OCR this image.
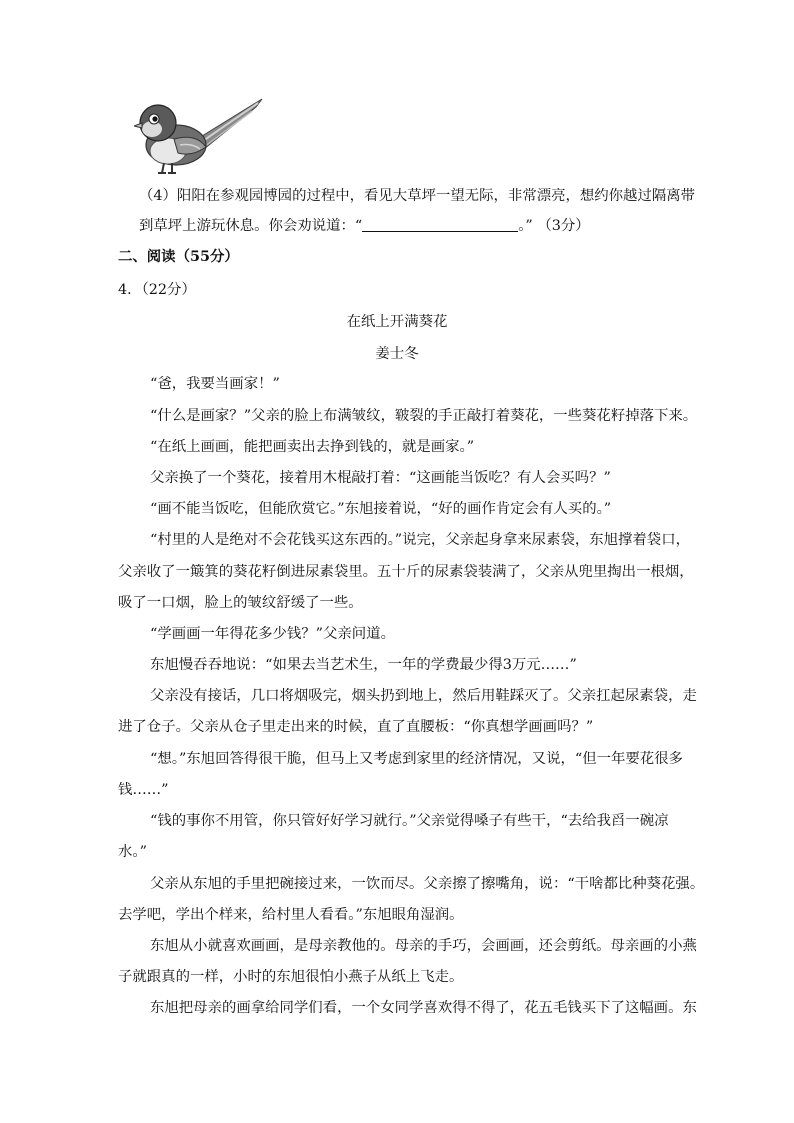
（4）阳阳在参观园博园的过程中，看见大草坪一望无际，非常漂亮，想约你越过隔离带
到草坪上游玩休息。你会劝说道：“	。” （3分）
二、阅读（55分）
4．（22分）
在纸上开满葵花
姜士冬
“爸，我要当画家！”
“什么是画家？”父亲的脸上布满皱纹，皲裂的手正敲打着葵花，一些葵花籽掉落下来。
“在纸上画画，能把画卖出去挣到钱的，就是画家。”
父亲换了一个葵花，接着用木棍敲打着：“这画能当饭吃？有人会买吗？”
“画不能当饭吃，但能欣赏它。”东旭接着说，“好的画作肯定会有人买的。”
“村里的人是绝对不会花钱买这东西的。”说完，父亲起身拿来尿素袋，东旭撑着袋口，
父亲收了一簸箕的葵花籽倒进尿素袋里。五十斤的尿素袋装满了，父亲从兜里掏出一根烟，
吸了一口烟，脸上的皱纹舒缓了一些。
“学画画一年得花多少钱？”父亲问道。
东旭慢吞吞地说：“如果去当艺术生，一年的学费最少得3万元……”
父亲没有接话，几口将烟吸完，烟头扔到地上，然后用鞋踩灭了。父亲扛起尿素袋，走
进了仓子。父亲从仓子里走出来的时候，直了直腰板：“你真想学画画吗？”
“想。”东旭回答得很干脆，但马上又考虑到家里的经济情况，又说，“但一年要花很多
钱……”
“钱的事你不用管，你只管好好学习就行。”父亲觉得嗓子有些干，“去给我舀一碗凉
水。”
父亲从东旭的手里把碗接过来，一饮而尽。父亲擦了擦嘴角，说：“干啥都比种葵花强。
去学吧，学出个样来，给村里人看看。”东旭眼角湿润。
东旭从小就喜欢画画，是母亲教他的。母亲的手巧，会画画，还会剪纸。母亲画的小燕
子就跟真的一样，小时的东旭很怕小燕子从纸上飞走。
东旭把母亲的画拿给同学们看，一个女同学喜欢得不得了，花五毛钱买下了这幅画。东
